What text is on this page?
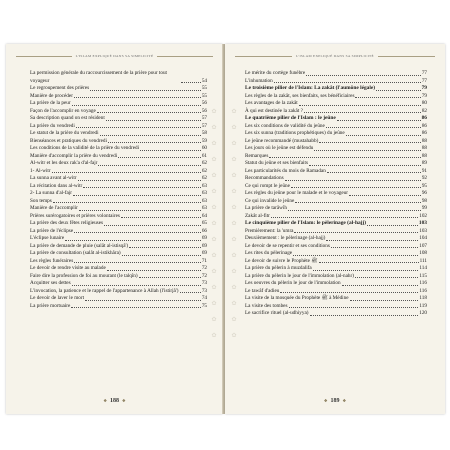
L'ISLAM EXPLIQUÉ DANS SA SIMPLICITÉ
✿
✿
✿
✿
✿
✿
✿
✿
✿
✿
✿
✿
✿
✿
✿
La permission générale du raccourcissement de la prière pour tout voyageur	54
Le regroupement des prières	55
Manière de procéder	55
La prière de la peur	56
Façon de l'accomplir en voyage	56
Sa description quand on est résident	57
La prière du vendredi	57
Le statut de la prière du vendredi	58
Bienséances et pratiques du vendredi	59
Les conditions de la validité de la prière du vendredi	60
Manière d'accomplir la prière du vendredi	61
Al-witr et les deux rak'a d'al-fajr	62
1- Al-witr	62
La sunna avant al-witr	62
La récitation dans al-witr	63
2- La sunna d'al-fajr	63
Son temps	63
Manière de l'accomplir	63
Prières surérogatoires et prières volontaires	64
La prière des deux fêtes religieuses	65
La prière de l'éclipse	66
L'éclipse lunaire	69
La prière de demande de pluie (salât al-istisqâ')	69
La prière de consultation (salât al-istikhâra)	69
Les règles funéraires	71
Le devoir de rendre visite au malade	72
Faire dire la profession de foi au mourant (le talqîn)	72
Acquitter ses dettes	73
L'invocation, la patience et le rappel de l'appartenance à Allah (l'istirjâ')	73
Le devoir de laver le mort	74
La prière mortuaire	75
❖ 188 ❖
L'ISLAM EXPLIQUÉ DANS SA SIMPLICITÉ
✿
✿
✿
✿
✿
✿
✿
✿
✿
✿
✿
✿
✿
✿
✿
Le mérite du cortège funèbre	77
L'inhumation	77
Le troisième pilier de l'Islam: La zakât (l'aumône légale)	79
Les règles de la zakât, ses bienfaits, ses bénéficiaires	79
Les avantages de la zakât	80
À qui est destinée la zakât ?	82
Le quatrième pilier de l'Islam : le jeûne	86
Les six conditions de validité du jeûne	86
Les six sunna (traditions prophétiques) du jeûne	86
Le jeûne recommandé (mustahabb)	88
Les jours où le jeûne est défendu	88
Remarques	88
Statut du jeûne et ses bienfaits	89
Les particularités du mois de Ramadan	91
Recommandations	92
Ce qui rompt le jeûne	95
Les règles du jeûne pour le malade et le voyageur	96
Ce qui invalide le jeûne	98
La prière de tarâwîh	99
Zakât al-fitr	102
Le cinquième pilier de l'Islam: le pèlerinage (al-hajj)	103
Premièrement: la 'umra	103
Deuxièmement : le pèlerinage (al-hajj)	104
Le devoir de se repentir et ses conditions	107
Les rites du pèlerinage	108
Le devoir de suivre le Prophète ﷺ	111
La prière du pèlerin à muzdalifa	114
La prière du pèlerin le jour de l'immolation (al-nahr)	115
Les oeuvres du pèlerin le jour de l'immolation	116
Le tawâf d'adieu	116
La visite de la mosquée du Prophète ﷺ à Médine	118
La visite des tombes	119
Le sacrifice rituel (al-udhiyya)	120
❖ 189 ❖
